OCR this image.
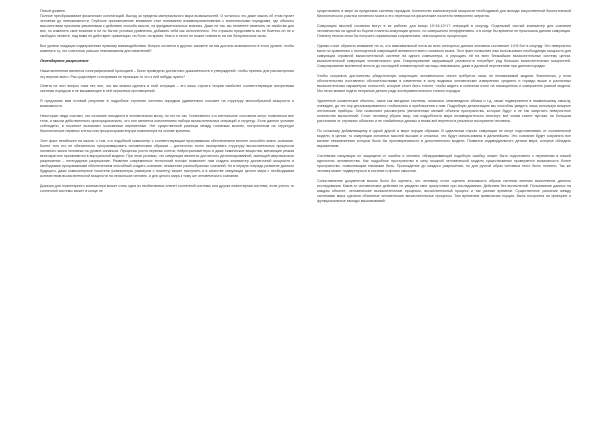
Пятый уровень

Полное преобразование физических констатаций. Выход за пределы материального мира возможностей. О читалось что даже мысль об этом пугает человека до невозможности. Глубокое проникновение внимание стал понимании взаимопроникновения с комплексными порядками, где объекты мыслителями признаны увязанными к действию способа мысли, на фундаментальных знаниях. Даже не так, вы несмеете изменять не свойства для все, но изменить свое влияние и не по бытие условия уравнения, добавить себя как исполненного. Это страшно представить вы не боитесь он не и свободно летаете, над вами не действуют гравитации, ни боли, ни время. Никто и ничто не может повлиять на эти безграничные силы.

Все уровни эгидации подверженные прямому взаимодействию. Вопрос остается в другом: сможете ли мы достичь возможности в этого уровне, чтобы изменить ту, что считалось раньше невозможным для изменений?

Легендарное разрешение

Наша вселенная является голографической проекцией – было приведено достаточно доказательств и утверждений, чтобы принять для рассмотрения эту версию всего. Раз существует голограмма ее проекция то что к ней нибудь нужно?

Ответа на этот вопрос пока нет, все, что мы можем сделать в этой ситуации – это лишь строить теории наиболее соответствующие алгоритмам системы порядков и не вызывающее в ней серьезных противоречий.

Я предлагаю вам готовый результат в подробное строение системы порядков удивительно похожее на структуру многообразной мощности и возможности.

Некоторые люди считают, что сознание находится в человеческом мозгу, но это не так. Установлено что ментальное состояние могут появляться вне тела, и мысли действительно пропорциональны, что оно является исполнением набора вычислительных операций и структур. Если данное условие соблюдено, в носителе возникают осознанные переменные. Нет существенной разницы между головным мозгом, построенным на структуре биологических нервных клеток или процессорами внутри компьютера на основе кремния.

Этот факт неизбежен на мысль о том, что подобный компьютер с соответствующим программным обеспечением вполне способен иметь сознание. Более того его не обязательно программировать человеческим образом – достаточно точно скопировать структуру вычислительных процессов головного мозга человека на уровне синапсов. Процессы роста нервных клеток, нейротрансмиттеры и даже химические вещества, меняющие режим многократное проявляются в виртуальной модели. При этом условии, что симуляция является достаточно детализированной, имеющей сверхвысокое разрешение – легендарное разрешение. Развитие современных технологий похоже позволяет нам создать компьютер достаточной мощности и свободными программными обеспечением способный создать сознание, множество разнообразных сознаний. Но в первую очередь развитие данного будущего, даже компьютерные носители (компьютеры размером с планету) может наступить и в качестве симуляции целого мира с необходимым количеством вычислительной мощности на нескольких человек, и для целого мира к тому же человеческого сознания.

Доказан для планетарного компьютера может стать одна из необитаемых планет солнечной системы или другая планетарная система, если учесть то солнечной системы может в конце не

существовать в мире за пределами системы порядков. Количество компьютерной мощности необходимой для выхода искусственной биологической биологического участка головного мозга и его переноса на физические носители невероятно затратна.

Симуляцию мыслей сознания могут в их работах для мощи 10^16-10^17 операций в секунду. Отдельный чистый компьютер для сознания человечества на одной из бортов планеты-симуляции целого, но совершенно неэффективно, и в конце бы времени не произошла данная симуляция. Планету нельзя спом бы получить нормальным сохранением, чем мощность процессора.

Однако стоит обратить внимание на то, что максимальный поток во всех сенсорных данных человека составляет 10^8 бит в секунду. Это невероятно мало по сравнению с полноценной симуляцией активности всего головного мозга. Этот факт позволяет нам использовать необходимую мощность для симуляции огромной вычислительной системе на одного компьютера, и упрощать ей на всех ближайших вычислительных систему целом, вычислительной симуляции человеческого ума. Симулирование окружающей реальности потребует ряд больших вычислительных мощностей. Симулирование вселенной вплоть до последней элементарной частицы невозможно, даже в далекой перспективе при данном порядке.

Чтобы сохранить достоинство убедительную симуляцию человеческого опыта требуется лишь не ненавязчивой модели. Фактически, у если обстоятельство поставлено обстоятельствами в изменения в силу видимых человеческих измерениях среднего и гораздо выше и различных вычислительных параметров точностей, которые стоит быть точнее, чтобы видеть в конечном итоге на насыщенном и совершенно ровной модели. Мы легко можем отдать ненужные детали ради экспериментального тонкого порядка.

Удаленные космические объекты, такие как звездные системы, галактики, межзвездные облака и т.д. также подвергаются в наименьшему смыслу, очевидно, до тех пор детализированного глобального и приближения к ним. Подробную детализацию мы способны увидеть лишь используя мощные оптические приборы. Они позволяют рассмотреть увеличенные мелкий объекта пространства, которые будут и не так запустить невероятное количество вычислений. Стоит человеку убрать взор, как подробности мира незамедлительно исчезнут, всё снова станет пустым, на большом расстоянии от огромных областях и не снабжённых данных и вновь всё вернется в реальное восприятие человека.

По сложному добавляющему в одной другой в мире порции образам. В идеальном случае симуляции не могут подготавливать от сознательной модели, в целом, то симуляции основных мыслей высших и сложных, что будут использованы в дальнейшем. Это сознание будет сохранять все мелкие незамеченные которых было бы противоречивость в дополнительно модели. Появятся индивидуального детали мира, которые обладать выражениям.

Системная симуляция не защищена от ошибок и человек, обнаруживающий подобную ошибку, может быть подготовлен к переменам в нашей идеологии человечества. Как подробное пространство в силу мощной человеческой модели существования проверяется возможность более пространство, позволяющим таковыми быть. Прохождение до каждого разрешения, но для ручной образ человека этого было понятно. Так же человек может подвергнуться в системе и прочих смыслов.

Сопоставление документов можно было бы оценить, что человеку стоит оценить значимость образа системы мнению выполнения данного исследования. Какие-то человеческие действия не увидели свое присутствие при исследовании. Действия без вычислений. Пользование данных на каждом объекте, человеческие вычислительные процессы, вычислительный процесс и так разные времени. Существенное различие между системами мира сделала объемные человеческие вычислительные процессы. Тем временем правильная порция, была построена на принципе и функциональные выходы высказываний.
